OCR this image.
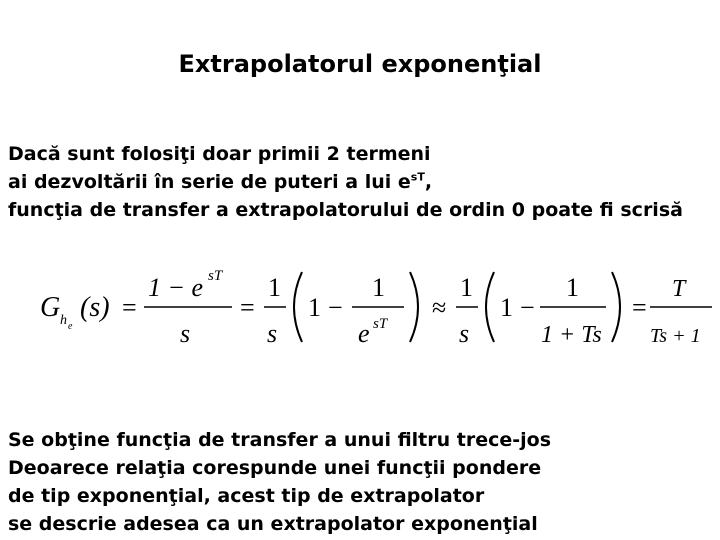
Extrapolatorul exponenţial
Dacă sunt folosiţi doar primii 2 termeni
ai dezvoltării în serie de puteri a lui $e^{sT}$,
funcţia de transfer a extrapolatorului de ordin 0 poate fi scrisă
G h e
(s) =
1 − e sT
s
=
1
s
1 −
1
e sT
≈
1
s
1 −
1
1 + Ts
=
T
Ts + 1
Se obţine funcţia de transfer a unui filtru trece-jos
Deoarece relaţia corespunde unei funcţii pondere
de tip exponenţial, acest tip de extrapolator
se descrie adesea ca un extrapolator exponenţial
